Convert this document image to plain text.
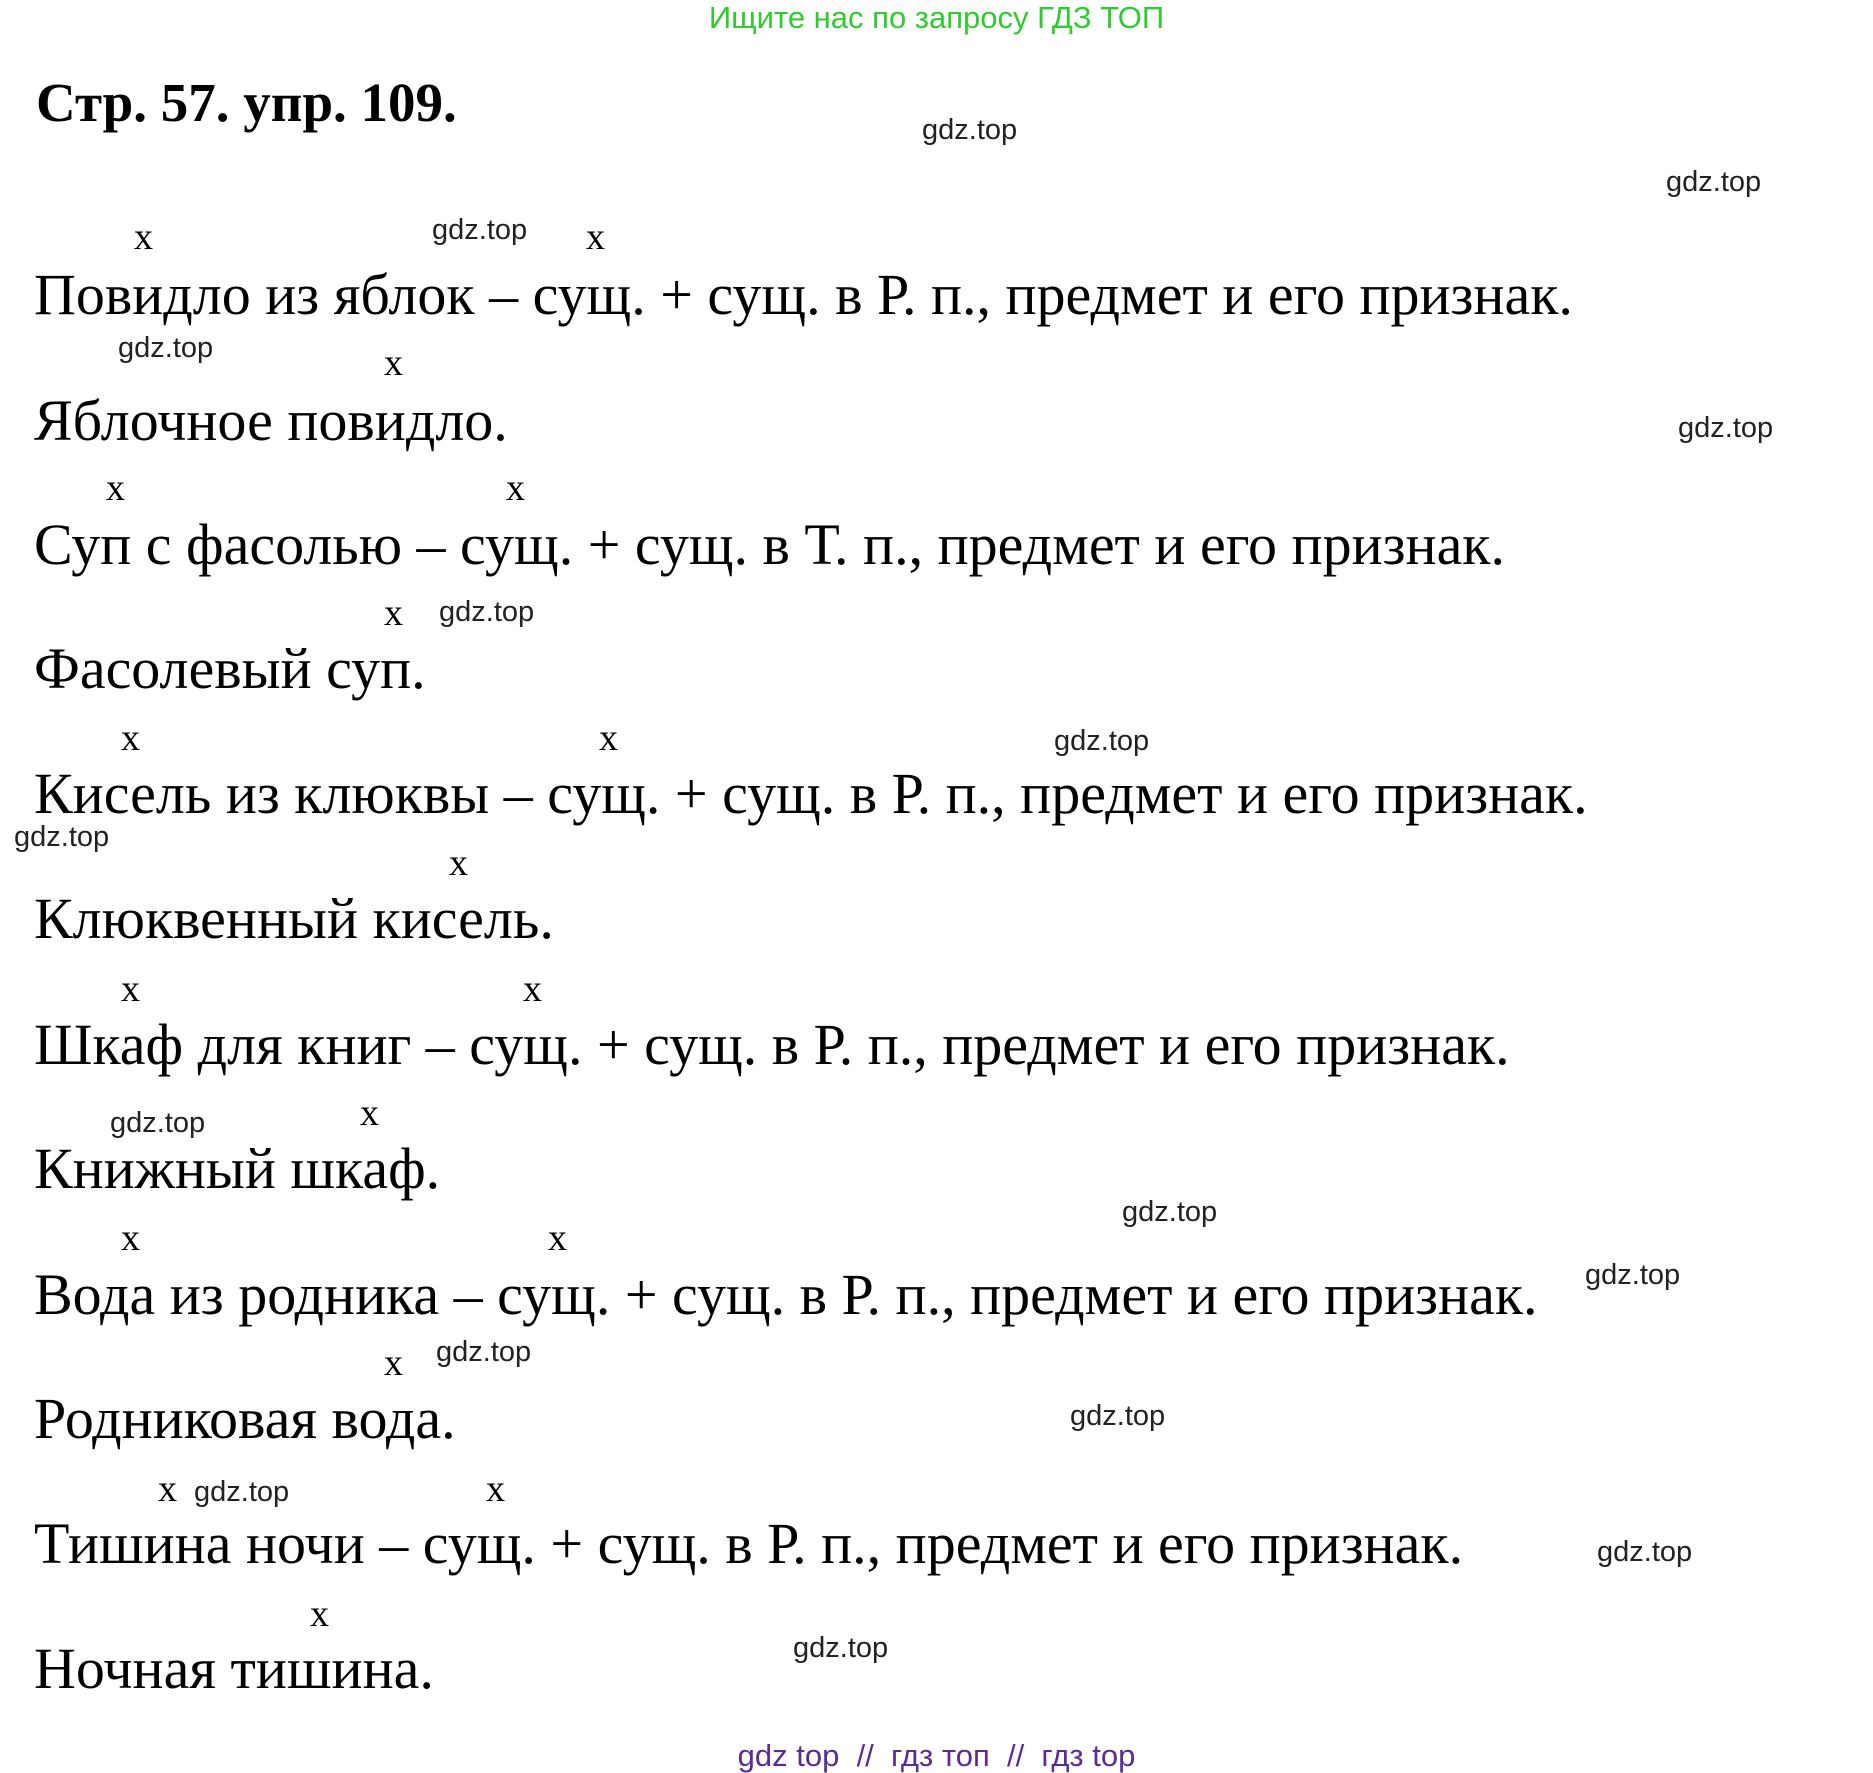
Ищите нас по запросу ГДЗ ТОП
Стр. 57. упр. 109.
Повидло из яблок – сущ. + сущ. в Р. п., предмет и его признак.
Яблочное повидло.
Суп с фасолью – сущ. + сущ. в Т. п., предмет и его признак.
Фасолевый суп.
Кисель из клюквы – сущ. + сущ. в Р. п., предмет и его признак.
Клюквенный кисель.
Шкаф для книг – сущ. + сущ. в Р. п., предмет и его признак.
Книжный шкаф.
Вода из родника – сущ. + сущ. в Р. п., предмет и его признак.
Родниковая вода.
Тишина ночи – сущ. + сущ. в Р. п., предмет и его признак.
Ночная тишина.
x	x
x
x	x
x
x	x
x
x	x
x
x	x
x
x	x
x
gdz.top
gdz.top
gdz.top
gdz.top
gdz.top
gdz.top
gdz.top
gdz.top
gdz.top
gdz.top
gdz.top
gdz.top
gdz.top
gdz.top
gdz.top
gdz.top
gdz top  //  гдз топ  //  гдз top
